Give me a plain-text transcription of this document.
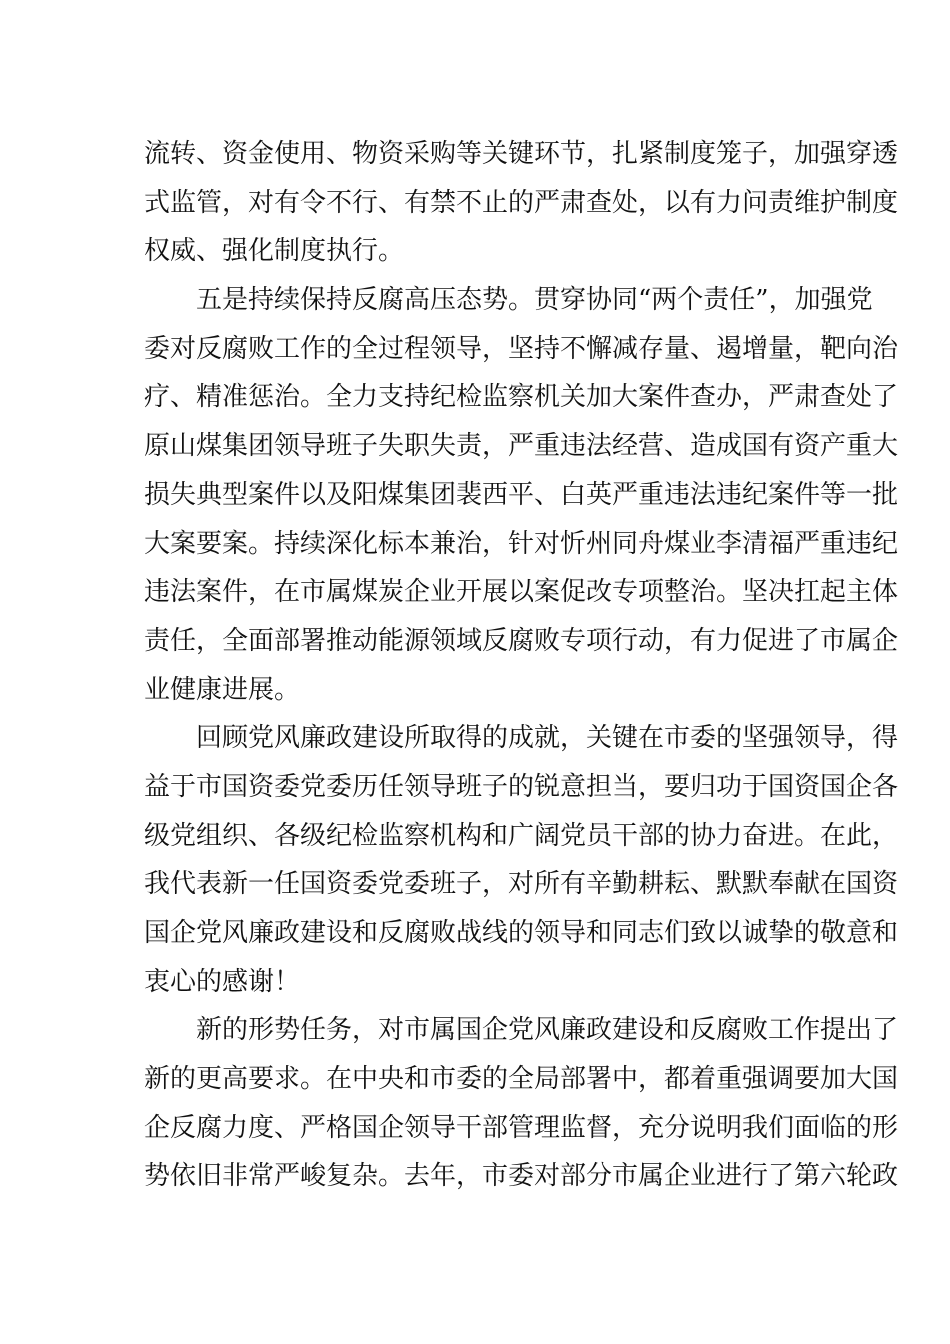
流转、资金使用、物资采购等关键环节，扎紧制度笼子，加强穿透
式监管，对有令不行、有禁不止的严肃查处，以有力问责维护制度
权威、强化制度执行。
五是持续保持反腐高压态势。贯穿协同“两个责任”，加强党
委对反腐败工作的全过程领导，坚持不懈减存量、遏增量，靶向治
疗、精准惩治。全力支持纪检监察机关加大案件查办，严肃查处了
原山煤集团领导班子失职失责，严重违法经营、造成国有资产重大
损失典型案件以及阳煤集团裴西平、白英严重违法违纪案件等一批
大案要案。持续深化标本兼治，针对忻州同舟煤业李清福严重违纪
违法案件，在市属煤炭企业开展以案促改专项整治。坚决扛起主体
责任，全面部署推动能源领域反腐败专项行动，有力促进了市属企
业健康进展。
回顾党风廉政建设所取得的成就，关键在市委的坚强领导，得
益于市国资委党委历任领导班子的锐意担当，要归功于国资国企各
级党组织、各级纪检监察机构和广阔党员干部的协力奋进。在此，
我代表新一任国资委党委班子，对所有辛勤耕耘、默默奉献在国资
国企党风廉政建设和反腐败战线的领导和同志们致以诚挚的敬意和
衷心的感谢！
新的形势任务，对市属国企党风廉政建设和反腐败工作提出了
新的更高要求。在中央和市委的全局部署中，都着重强调要加大国
企反腐力度、严格国企领导干部管理监督，充分说明我们面临的形
势依旧非常严峻复杂。去年，市委对部分市属企业进行了第六轮政
